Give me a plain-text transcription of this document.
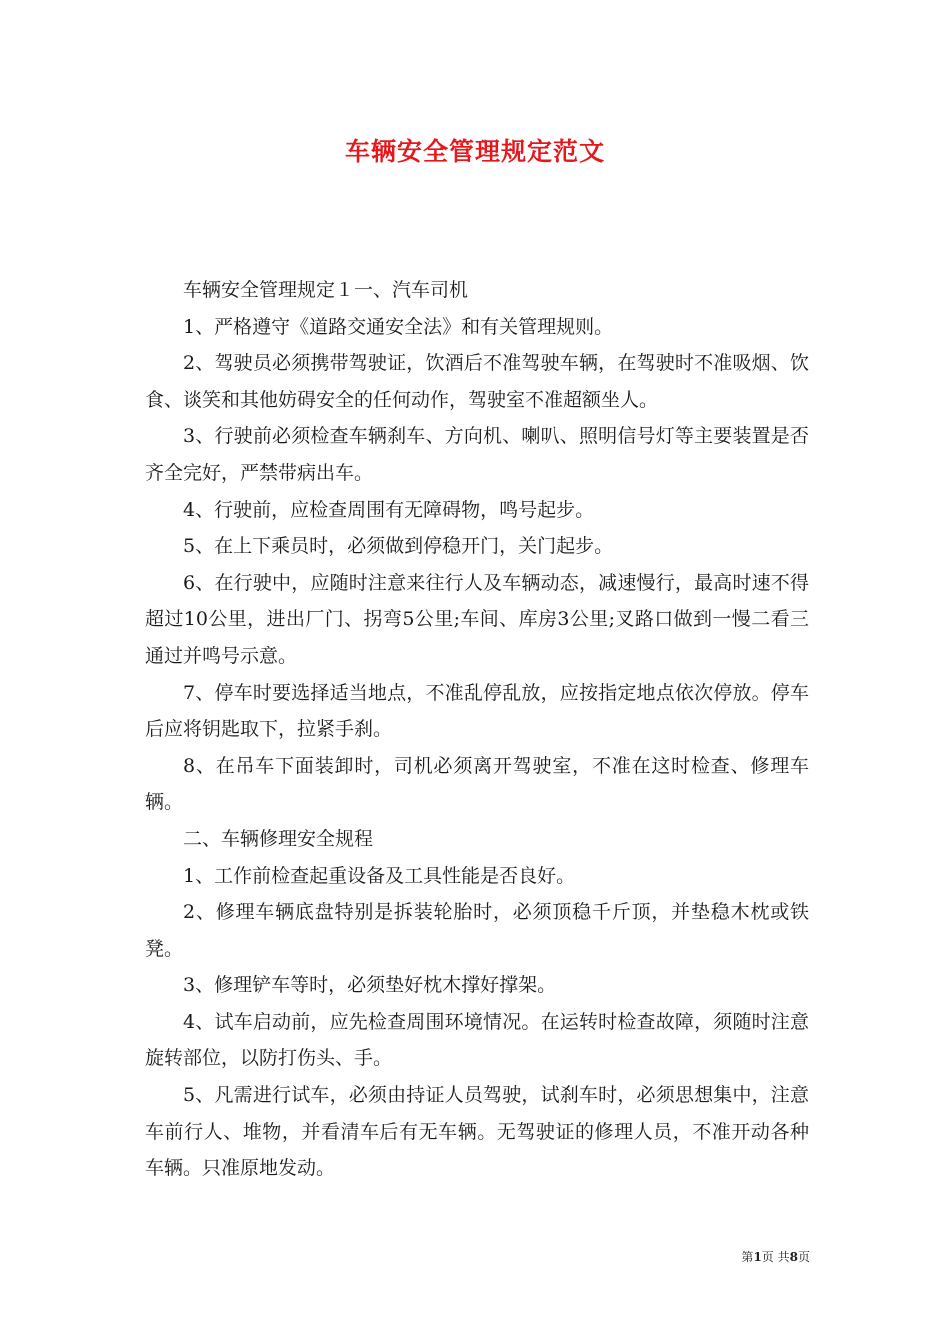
车辆安全管理规定范文

车辆安全管理规定１一、汽车司机

1、严格遵守《道路交通安全法》和有关管理规则。

2、驾驶员必须携带驾驶证，饮酒后不准驾驶车辆，在驾驶时不准吸烟、饮食、谈笑和其他妨碍安全的任何动作，驾驶室不准超额坐人。

3、行驶前必须检查车辆刹车、方向机、喇叭、照明信号灯等主要装置是否齐全完好，严禁带病出车。

4、行驶前，应检查周围有无障碍物，鸣号起步。

5、在上下乘员时，必须做到停稳开门，关门起步。

6、在行驶中，应随时注意来往行人及车辆动态，减速慢行，最高时速不得超过10公里，进出厂门、拐弯5公里;车间、库房3公里;叉路口做到一慢二看三通过并鸣号示意。

7、停车时要选择适当地点，不准乱停乱放，应按指定地点依次停放。停车后应将钥匙取下，拉紧手刹。

8、在吊车下面装卸时，司机必须离开驾驶室，不准在这时检查、修理车辆。

二、车辆修理安全规程

1、工作前检查起重设备及工具性能是否良好。

2、修理车辆底盘特别是拆装轮胎时，必须顶稳千斤顶，并垫稳木枕或铁凳。

3、修理铲车等时，必须垫好枕木撑好撑架。

4、试车启动前，应先检查周围环境情况。在运转时检查故障，须随时注意旋转部位，以防打伤头、手。

5、凡需进行试车，必须由持证人员驾驶，试刹车时，必须思想集中，注意车前行人、堆物，并看清车后有无车辆。无驾驶证的修理人员，不准开动各种车辆。只准原地发动。

第1页 共8页
